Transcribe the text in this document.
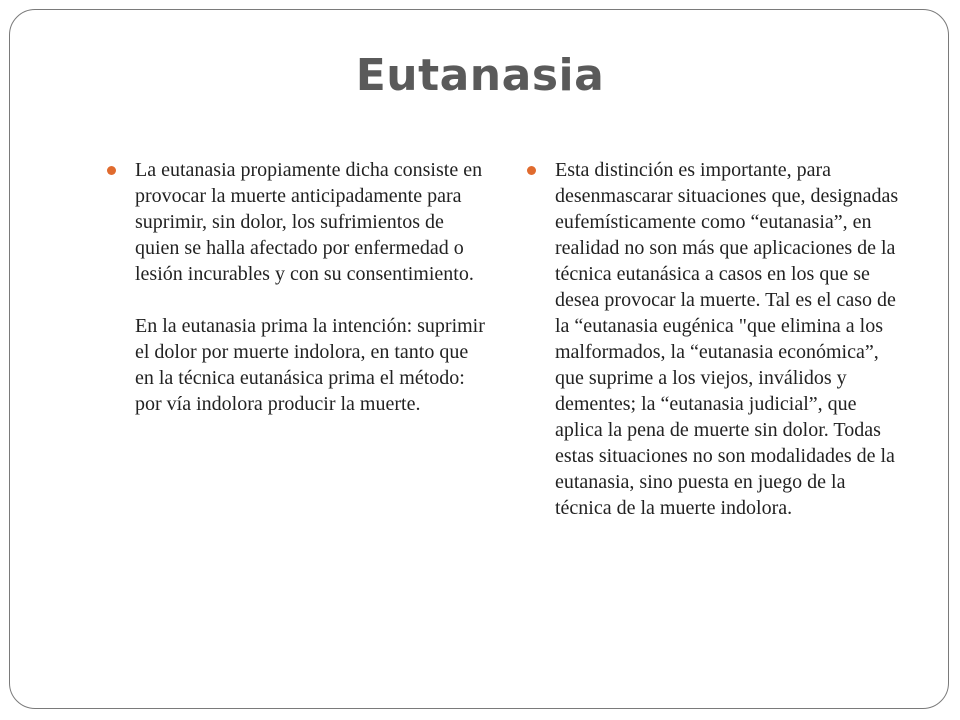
Eutanasia

La eutanasia propiamente dicha consiste en provocar la muerte anticipadamente para suprimir, sin dolor, los sufrimientos de quien se halla afectado por enfermedad o lesión incurables y con su consentimiento.

En la eutanasia prima la intención: suprimir el dolor por muerte indolora, en tanto que en la técnica eutanásica prima el método: por vía indolora producir la muerte.

Esta distinción es importante, para desenmascarar situaciones que, designadas eufemísticamente como “eutanasia”, en realidad no son más que aplicaciones de la técnica eutanásica a casos en los que se desea provocar la muerte. Tal es el caso de la “eutanasia eugénica "que elimina a los malformados, la “eutanasia económica”, que suprime a los viejos, inválidos y dementes; la “eutanasia judicial”, que aplica la pena de muerte sin dolor. Todas estas situaciones no son modalidades de la eutanasia, sino puesta en juego de la técnica de la muerte indolora.
